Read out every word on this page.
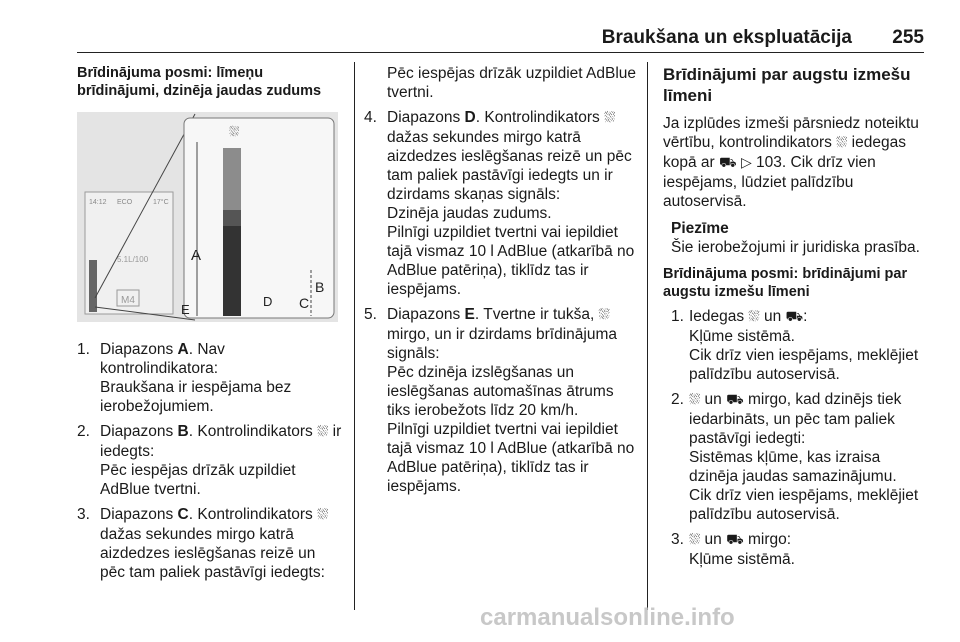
Braukšana un ekspluatācija 255

Brīdinājuma posmi: līmeņu brīdinājumi, dzinēja jaudas zudums

14:12 ECO	17°C
5.1L/100
M4
⛆
A
E
D C
B
1. Diapazons A. Nav kontrolindikatora:

Braukšana ir iespējama bez ierobežojumiem.

2. Diapazons B. Kontrolindikators ⛆ ir iedegts:

Pēc iespējas drīzāk uzpildiet AdBlue tvertni.

3. Diapazons C. Kontrolindikators ⛆ dažas sekundes mirgo katrā aizdedzes ieslēgšanas reizē un pēc tam paliek pastāvīgi iedegts:

Pēc iespējas drīzāk uzpildiet AdBlue tvertni.

4. Diapazons D. Kontrolindikators ⛆ dažas sekundes mirgo katrā aizdedzes ieslēgšanas reizē un pēc tam paliek pastāvīgi iedegts un ir dzirdams skaņas signāls:

Dzinēja jaudas zudums.

Pilnīgi uzpildiet tvertni vai iepildiet tajā vismaz 10 l AdBlue (atkarībā no AdBlue patēriņa), tiklīdz tas ir iespējams.

5. Diapazons E. Tvertne ir tukša, ⛆ mirgo, un ir dzirdams brīdinājuma signāls:

Pēc dzinēja izslēgšanas un ieslēgšanas automašīnas ātrums tiks ierobežots līdz 20 km/h.

Pilnīgi uzpildiet tvertni vai iepildiet tajā vismaz 10 l AdBlue (atkarībā no AdBlue patēriņa), tiklīdz tas ir iespējams.

Brīdinājumi par augstu izmešu līmeni

Ja izplūdes izmeši pārsniedz noteiktu vērtību, kontrolindikators ⛆ iedegas kopā ar ⛟ ▷ 103. Cik drīz vien iespējams, lūdziet palīdzību autoservisā.

Piezīme

Šie ierobežojumi ir juridiska prasība.

Brīdinājuma posmi: brīdinājumi par augstu izmešu līmeni

1. Iedegas ⛆ un ⛟:

Kļūme sistēmā.

Cik drīz vien iespējams, meklējiet palīdzību autoservisā.

2. ⛆ un ⛟ mirgo, kad dzinējs tiek iedarbināts, un pēc tam paliek pastāvīgi iedegti:

Sistēmas kļūme, kas izraisa dzinēja jaudas samazinājumu.

Cik drīz vien iespējams, meklējiet palīdzību autoservisā.

3. ⛆ un ⛟ mirgo:

Kļūme sistēmā.

carmanualsonline.info
